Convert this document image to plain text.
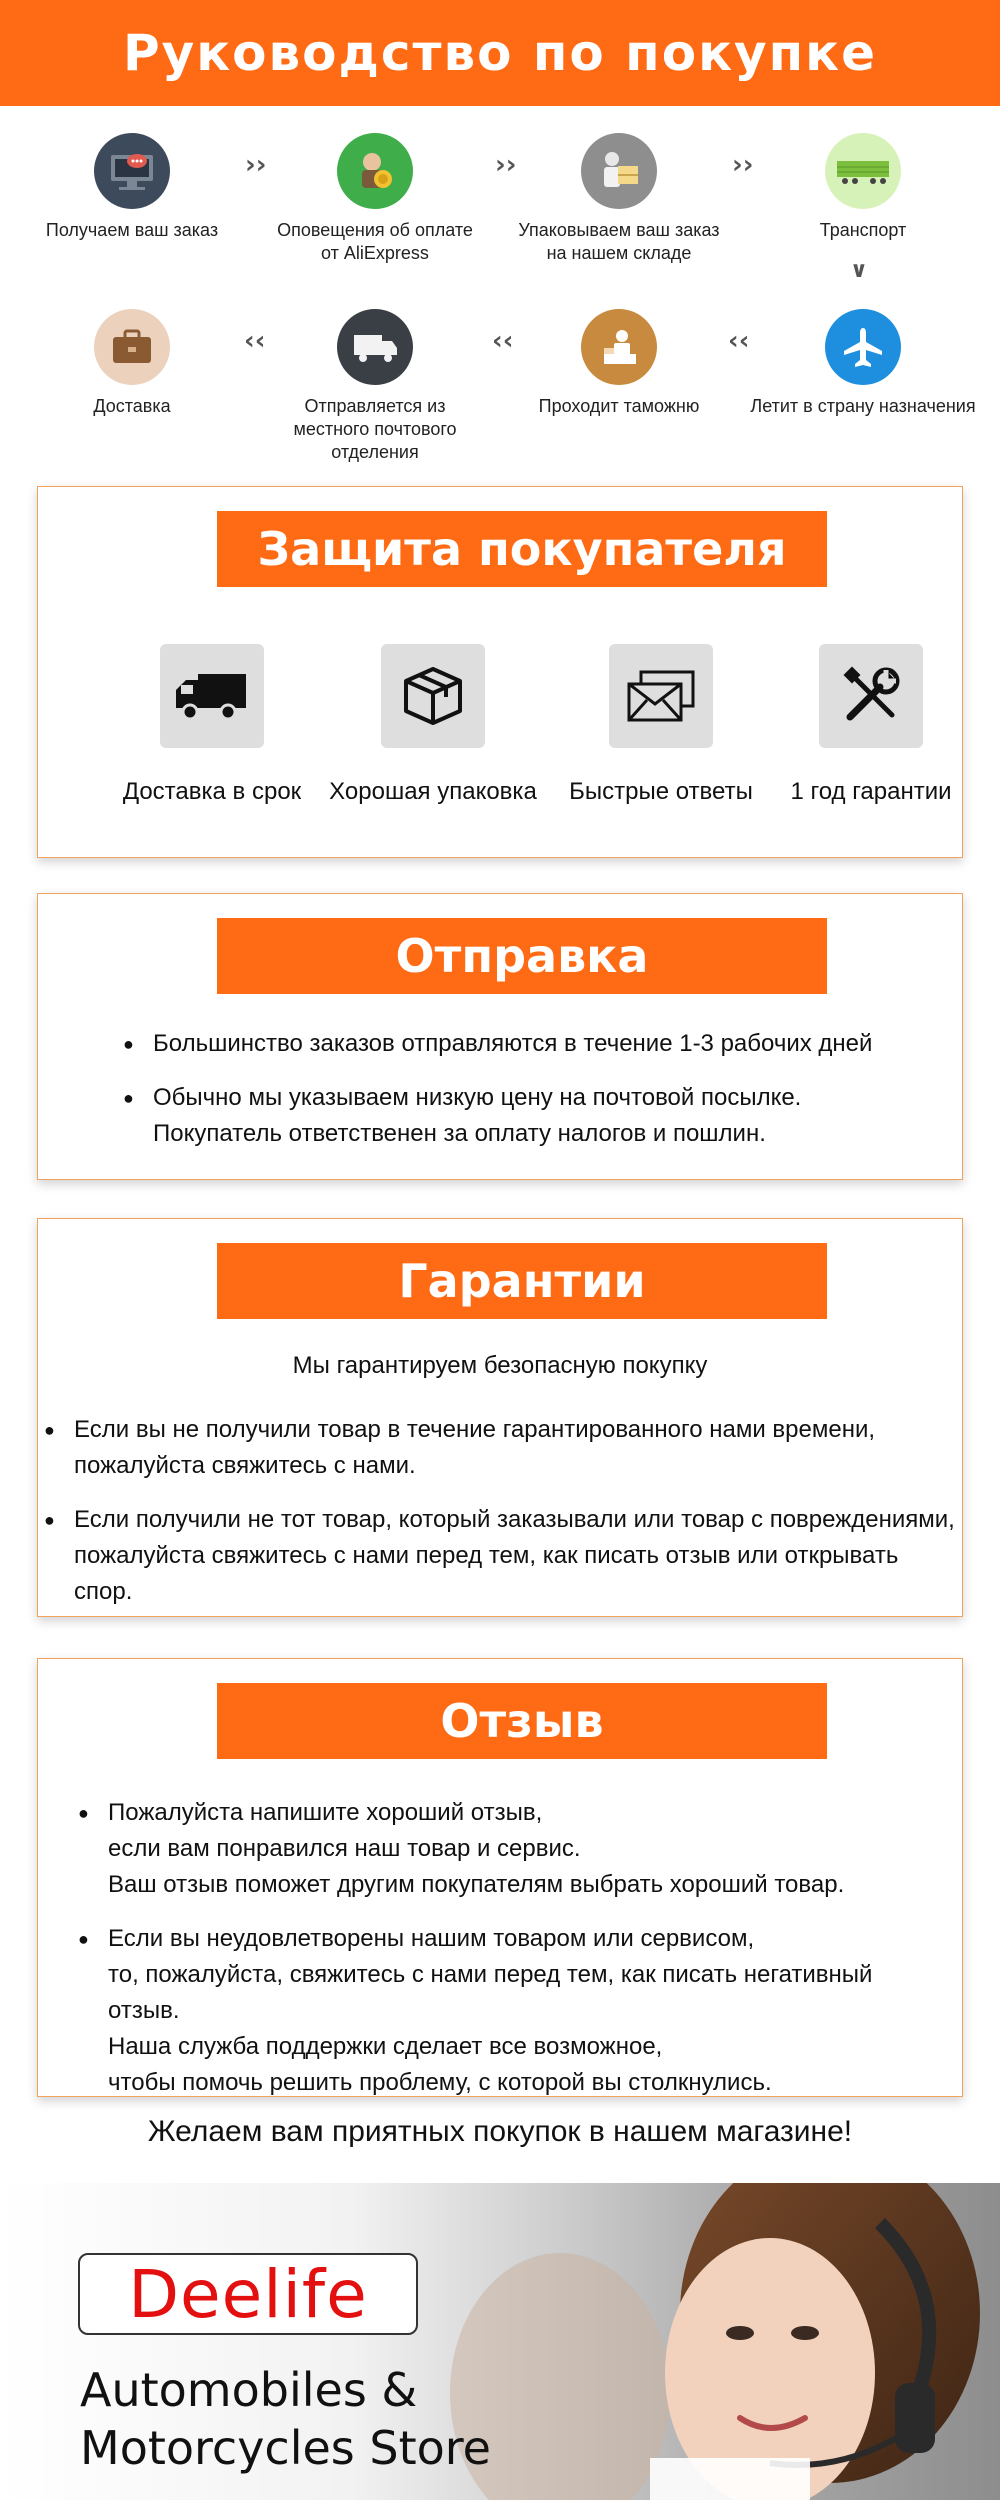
Руководство по покупке
Получаем ваш заказ
››
Оповещения об оплате
от AliExpress
››
Упаковываем ваш заказ
на нашем складе
››
Транспорт
∨
Доставка
‹‹
Отправляется из
местного почтового отделения
‹‹
Проходит таможню
‹‹
Летит в страну назначения
Защита покупателя
Доставка в срок	Хорошая упаковка	Быстрые ответы	1 год гарантии
Отправка
● Большинство заказов отправляются в течение 1-3 рабочих дней
● Обычно мы указываем низкую цену на почтовой посылке.
Покупатель ответственен за оплату налогов и пошлин.
Гарантии
Мы гарантируем безопасную покупку
● Если вы не получили товар в течение гарантированного нами времени,
пожалуйста свяжитесь с нами.
● Если получили не тот товар, который заказывали или товар с повреждениями,
пожалуйста свяжитесь с нами перед тем, как писать отзыв или открывать спор.
Отзыв
● Пожалуйста напишите хороший отзыв,
если вам понравился наш товар и сервис.
Ваш отзыв поможет другим покупателям выбрать хороший товар.
● Если вы неудовлетворены нашим товаром или сервисом,
то, пожалуйста, свяжитесь с нами перед тем, как писать негативный отзыв.
Наша служба поддержки сделает все возможное,
чтобы помочь решить проблему, с которой вы столкнулись.
Желаем вам приятных покупок в нашем магазине!
Deelife
Automobiles &
Motorcycles Store
